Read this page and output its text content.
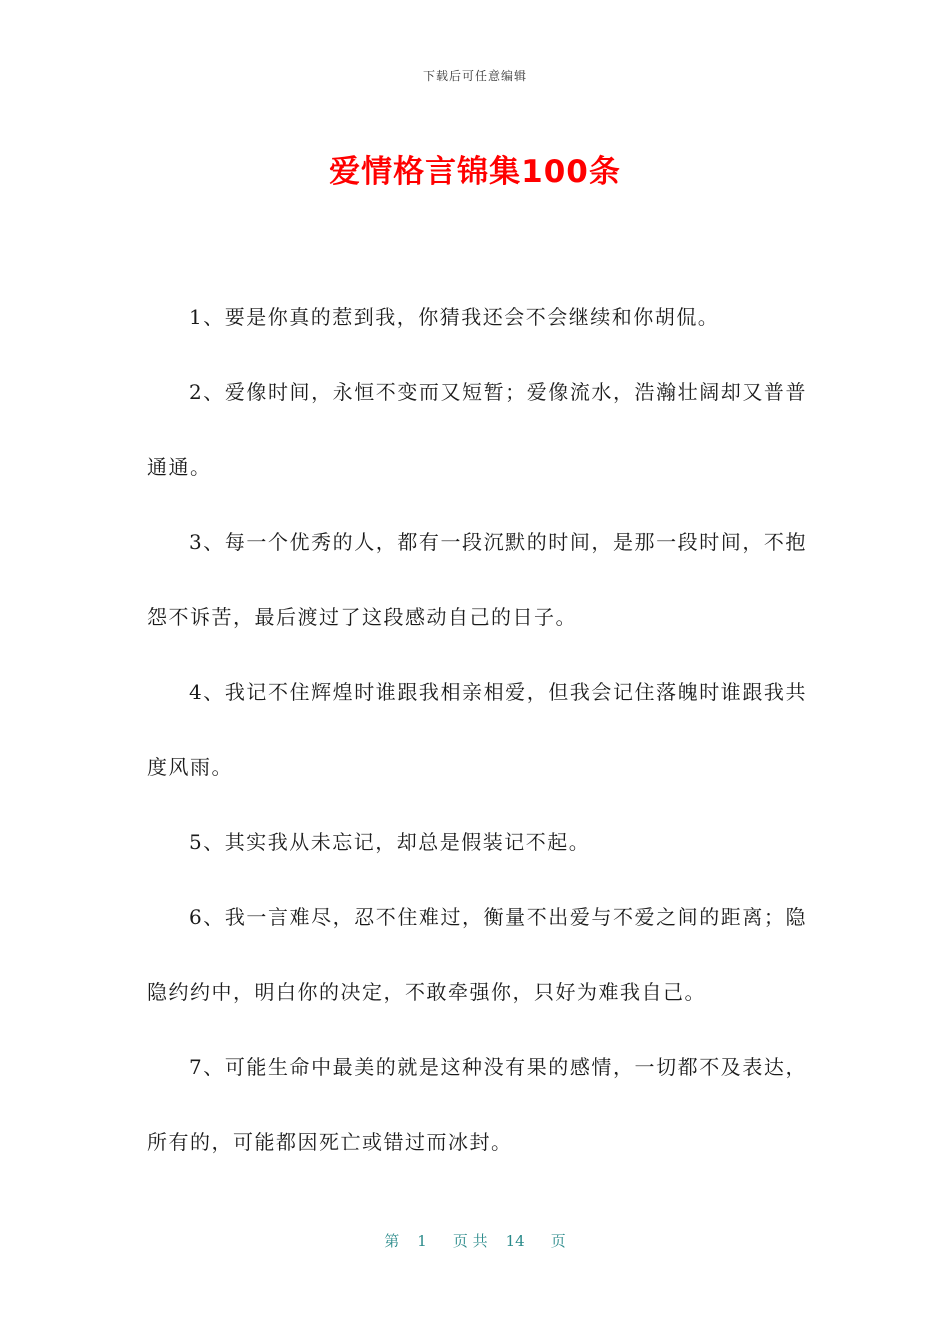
下载后可任意编辑
爱情格言锦集100条

1、要是你真的惹到我，你猜我还会不会继续和你胡侃。

2、爱像时间，永恒不变而又短暂；爱像流水，浩瀚壮阔却又普普通通。

3、每一个优秀的人，都有一段沉默的时间，是那一段时间，不抱怨不诉苦，最后渡过了这段感动自己的日子。

4、我记不住辉煌时谁跟我相亲相爱，但我会记住落魄时谁跟我共度风雨。

5、其实我从未忘记，却总是假装记不起。

6、我一言难尽，忍不住难过，衡量不出爱与不爱之间的距离；隐隐约约中，明白你的决定，不敢牵强你，只好为难我自己。

7、可能生命中最美的就是这种没有果的感情，一切都不及表达，所有的，可能都因死亡或错过而冰封。

第 1 页 共 14 页
